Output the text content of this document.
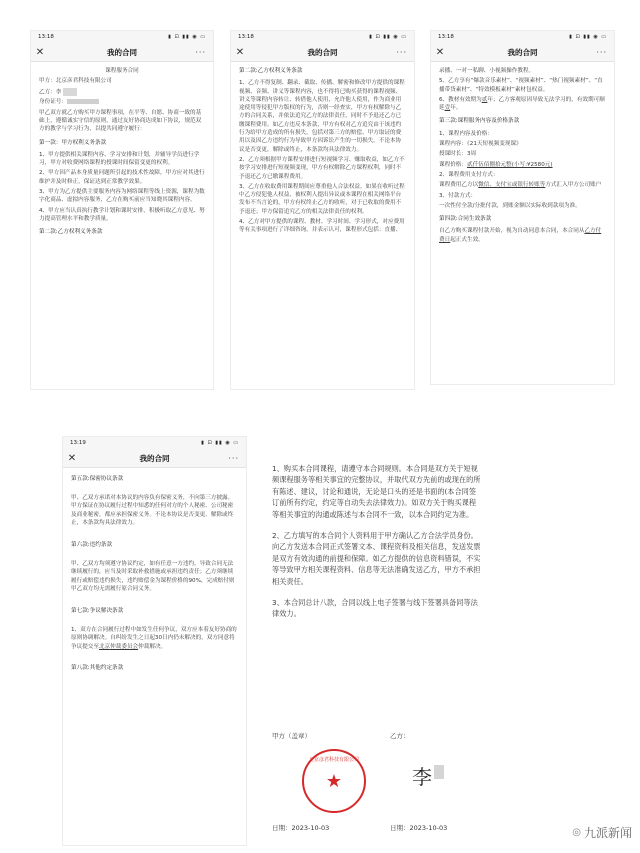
13:18	▮ ⊡ ▮▮ ◉ ▭
✕	我的合同	···

课程服务合同

甲方：北京彦君科技有限公司

乙方：李

身份证号：

甲乙双方就乙方购买甲方课程事项，在平等、自愿、协商一致的基础上，遵循诚实守信的原则，通过友好协商达成如下协议，规范双方的教学与学习行为，以提共同遵守履行：

第一款：甲方权利义务条款

1、甲方提供相关课程内容、学习安排和计划，并辅导学员进行学习，甲方对收费网络课程的授课时间保留变更的权利。

2、甲方因产品本身质量问题所引起的技术性故障，甲方应对其进行维护并及时修正，保证达到正常教学效果。

3、甲方为乙方提供主要服务内容为网络课程等线上资源，课程为数字化商品、虚拟内容服务，乙方在购买前应当知晓其课程内容。

4、甲方应当认真执行教学计划和课时安排，积极听取乙方意见、努力提高管理水平和教学质量。

第二款:乙方权利义务条款

13:18	▮ ⊡ ▮▮ ◉ ▭
✕	我的合同	···

第二款:乙方权利义务条款

1、乙方不得复制、翻录、截取、传播、解密和修改甲方提供的课程视频、音频、讲义等课程内容，也不得将已购买获得的课程视频、讲义等课程内容转让、转借他人使用，允许他人使用，作为商业用途使用等侵犯甲方版权的行为，否则一经查实，甲方有权解除与乙方的合同关系，并依法追究乙方的法律责任，同时不予退还乙方已缴课程费用。如乙方违反本条款，甲方有权对乙方追究由于该违约行为给甲方造成的所有损失，包括对第三方的赔偿、甲方取证的费用以及因乙方违约行为导致甲方因诉讼产生的一切损失。不论本协议是否变更，解除或终止，本条款均具法律效力。

2、乙方须根据甲方课程安排进行短视频学习、赚取收益，如乙方不按学习安排进行短视频变现，甲方有权解除乙方课程权利，同时不予退还乙方已缴课程费用。

3、乙方在收取费用课程期间应尊重他人合法权益。如果在收听过程中乙方侵犯他人权益，被权利人提出异议或本课程在相关网络平台发布不当言论的，甲方有权终止乙方的收听，对于已收取的费用不予退还；甲方保留追究乙方的相关法律责任的权利。

4、乙方对甲方提供的课程、教材、学习时间、学习形式，对应费用等有关事项进行了详细咨询，并表示认可，课程形式包括：直播、

13:18	▮ ⊡ ▮▮ ◉ ▭
✕	我的合同	···

录播、一对一私聊、小视频操作教程。

5、乙方享有“爆款音乐素材”、“视频素材”、“热门视频素材”、“直播带货素材”、“特效模板素材”素材包权益。

6、教材有效期为贰年；乙方客观原因导致无法学习的，有效期可顺延壹年。

第三款:课程服务内容及价格条款

1、课程内容及价格：

课程内容：《21天短视频变现课》

授课时长：3周

课程价格：贰仟伍佰捌拾元整(小写:¥2580元)

2、课程费用支付方式：

课程费用乙方以微信、支付宝或银行转账等方式汇入甲方公司账户

3、付款方式：

一次性付全款/分批付款，到账金额以实际收到款项为准。

第四款:合同生效条款

自乙方购买课程付款开始，视为自动同意本合同，本合同从乙方付费日起正式生效。

13:19	▮ ⊡ ▮▮ ◉ ▭
✕	我的合同	···

第五款:保密协议条款

甲、乙双方承诺对本协议的内容负有保密义务，不向第三方披露。甲方保证在协议履行过程中知悉的任何对方的个人秘密、公司秘密及商业秘密，都应承担保密义务。不论本协议是否变更、解除或终止，本条款均具法律效力。

第六款:违约条款

甲、乙双方均须遵守协议约定，如有任意一方违约，导致合同无法继续履行的，应当及时采取补救措施或承担违约责任；乙方须继续履行或赔偿违约损失，违约赔偿金为课程价格的90%，完成赔付则甲乙双方均无需履行原合同义务。

第七款:争议解决条款

1、双方在合同履行过程中如发生任何争议，双方应本着友好协商的原则协调解决。自纠纷发生之日起30日内仍未解决的，双方同意将争议提交至北京仲裁委员会仲裁解决。

第八款:其他约定条款

1、购买本合同课程，请遵守本合同规则。本合同是双方关于短视频课程服务等相关事宜的完整协议，并取代双方先前的或现在的所有陈述、建议，讨论和通说，无论是口头的还是书面的(本合同签订前所有约定，约定等自动失去法律效力)。如双方关于购买课程等相关事宜的沟通或陈述与本合同不一致，以本合同约定为准。

2、乙方填写的本合同个人资料用于甲方确认乙方合法学员身份。向乙方发送本合同正式签署文本、课程资料及相关信息，发送发票是双方有效沟通的前提和保障。如乙方提供的信息资料错误，不实等导致甲方相关课程资料、信息等无法准确发送乙方，甲方不承担相关责任。

3、本合同总计八款，合同以线上电子签署与线下签署具备同等法律效力。

甲方（盖章）	乙方：
北京彦君科技有限公司
★	李
日期：2023-10-03	日期：2023-10-03	◎ 九派新闻
